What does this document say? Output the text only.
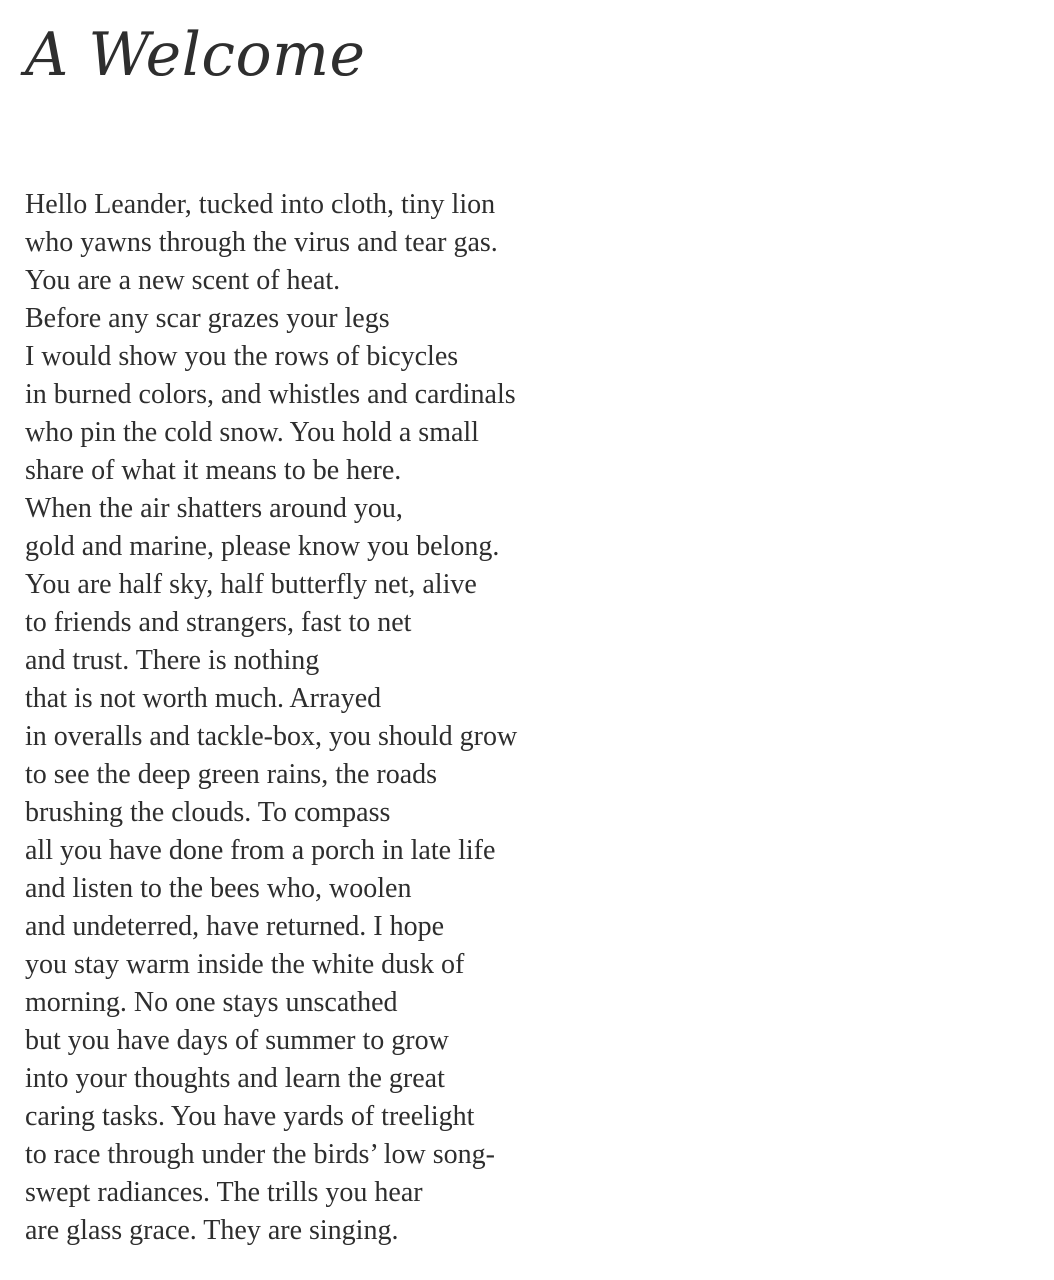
A Welcome
Hello Leander, tucked into cloth, tiny lion
who yawns through the virus and tear gas.
You are a new scent of heat.
Before any scar grazes your legs
I would show you the rows of bicycles
in burned colors, and whistles and cardinals
who pin the cold snow. You hold a small
share of what it means to be here.
When the air shatters around you,
gold and marine, please know you belong.
You are half sky, half butterfly net, alive
to friends and strangers, fast to net
and trust. There is nothing
that is not worth much. Arrayed
in overalls and tackle-box, you should grow
to see the deep green rains, the roads
brushing the clouds. To compass
all you have done from a porch in late life
and listen to the bees who, woolen
and undeterred, have returned. I hope
you stay warm inside the white dusk of
morning. No one stays unscathed
but you have days of summer to grow
into your thoughts and learn the great
caring tasks. You have yards of treelight
to race through under the birds’ low song-
swept radiances. The trills you hear
are glass grace. They are singing.
